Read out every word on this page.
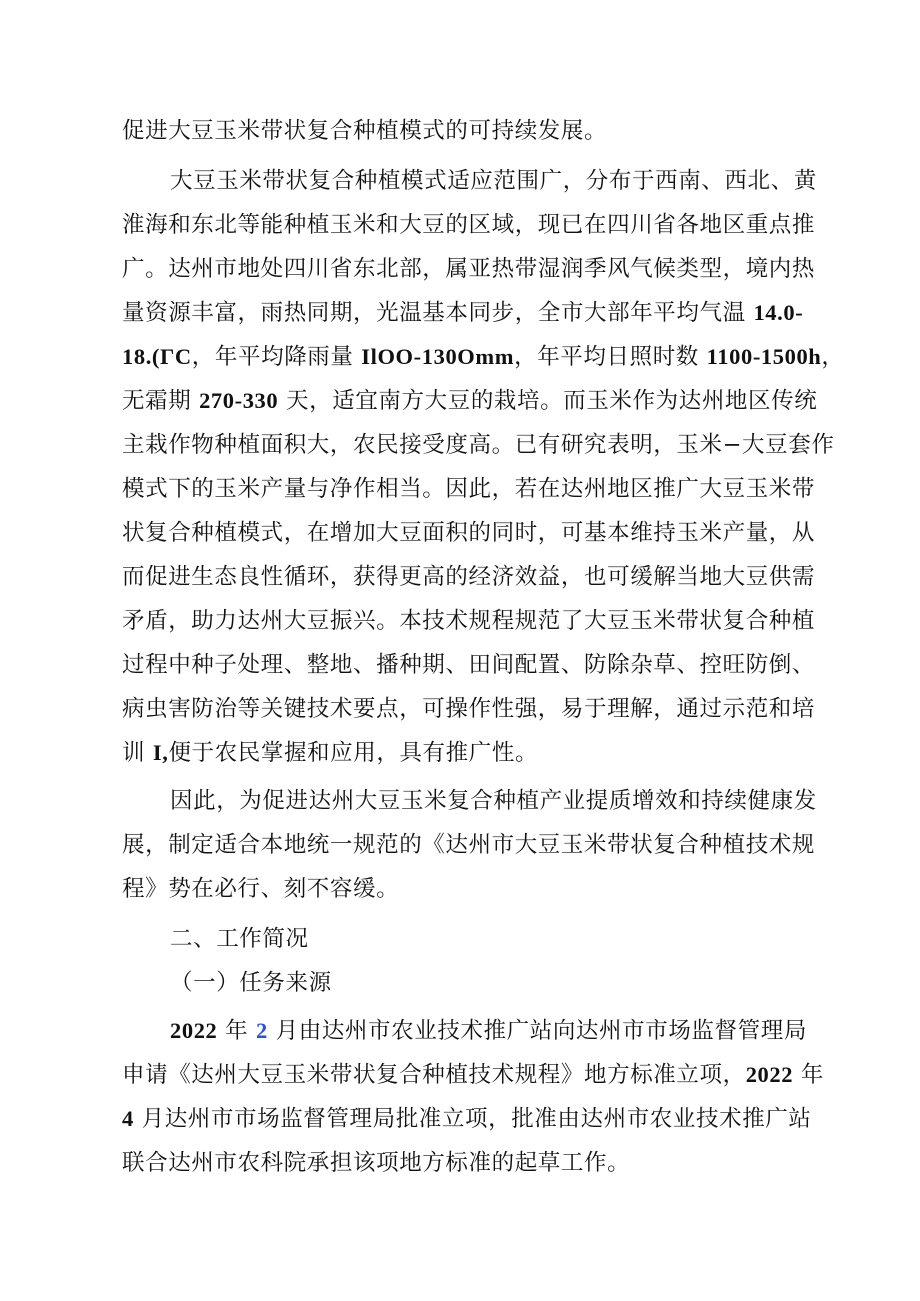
促进大豆玉米带状复合种植模式的可持续发展。
大豆玉米带状复合种植模式适应范围广，分布于西南、西北、黄
淮海和东北等能种植玉米和大豆的区域，现已在四川省各地区重点推
广。达州市地处四川省东北部，属亚热带湿润季风气候类型，境内热
量资源丰富，雨热同期，光温基本同步，全市大部年平均气温 14.0-
18.(ΓC，年平均降雨量 IlOO-130Omm，年平均日照时数 1100-1500h，
无霜期 270-330 天，适宜南方大豆的栽培。而玉米作为达州地区传统
主栽作物种植面积大，农民接受度高。已有研究表明，玉米−大豆套作
模式下的玉米产量与净作相当。因此，若在达州地区推广大豆玉米带
状复合种植模式，在增加大豆面积的同时，可基本维持玉米产量，从
而促进生态良性循环，获得更高的经济效益，也可缓解当地大豆供需
矛盾，助力达州大豆振兴。本技术规程规范了大豆玉米带状复合种植
过程中种子处理、整地、播种期、田间配置、防除杂草、控旺防倒、
病虫害防治等关键技术要点，可操作性强，易于理解，通过示范和培
训 I,便于农民掌握和应用，具有推广性。
因此，为促进达州大豆玉米复合种植产业提质增效和持续健康发
展，制定适合本地统一规范的《达州市大豆玉米带状复合种植技术规
程》势在必行、刻不容缓。
二、工作简况
（一）任务来源
2022 年 2 月由达州市农业技术推广站向达州市市场监督管理局
申请《达州大豆玉米带状复合种植技术规程》地方标准立项，2022 年
4 月达州市市场监督管理局批准立项，批准由达州市农业技术推广站
联合达州市农科院承担该项地方标准的起草工作。
